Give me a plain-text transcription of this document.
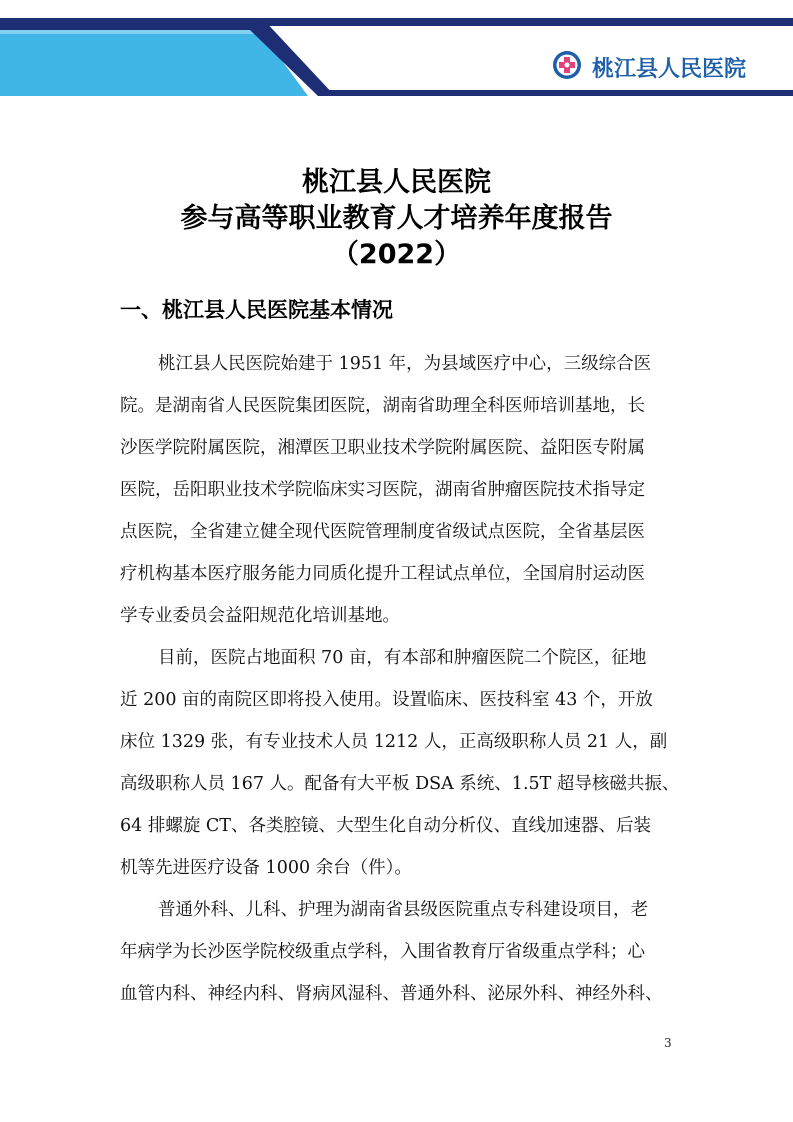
桃江县人民医院
桃江县人民医院
参与高等职业教育人才培养年度报告
（2022）
一、桃江县人民医院基本情况
桃江县人民医院始建于 1951 年，为县域医疗中心，三级综合医
院。是湖南省人民医院集团医院，湖南省助理全科医师培训基地，长
沙医学院附属医院，湘潭医卫职业技术学院附属医院、益阳医专附属
医院，岳阳职业技术学院临床实习医院，湖南省肿瘤医院技术指导定
点医院，全省建立健全现代医院管理制度省级试点医院，全省基层医
疗机构基本医疗服务能力同质化提升工程试点单位，全国肩肘运动医
学专业委员会益阳规范化培训基地。
目前，医院占地面积 70 亩，有本部和肿瘤医院二个院区，征地
近 200 亩的南院区即将投入使用。设置临床、医技科室 43 个，开放
床位 1329 张，有专业技术人员 1212 人，正高级职称人员 21 人，副
高级职称人员 167 人。配备有大平板 DSA 系统、1.5T 超导核磁共振、
64 排螺旋 CT、各类腔镜、大型生化自动分析仪、直线加速器、后装
机等先进医疗设备 1000 余台（件）。
普通外科、儿科、护理为湖南省县级医院重点专科建设项目，老
年病学为长沙医学院校级重点学科，入围省教育厅省级重点学科；心
血管内科、神经内科、肾病风湿科、普通外科、泌尿外科、神经外科、
3
